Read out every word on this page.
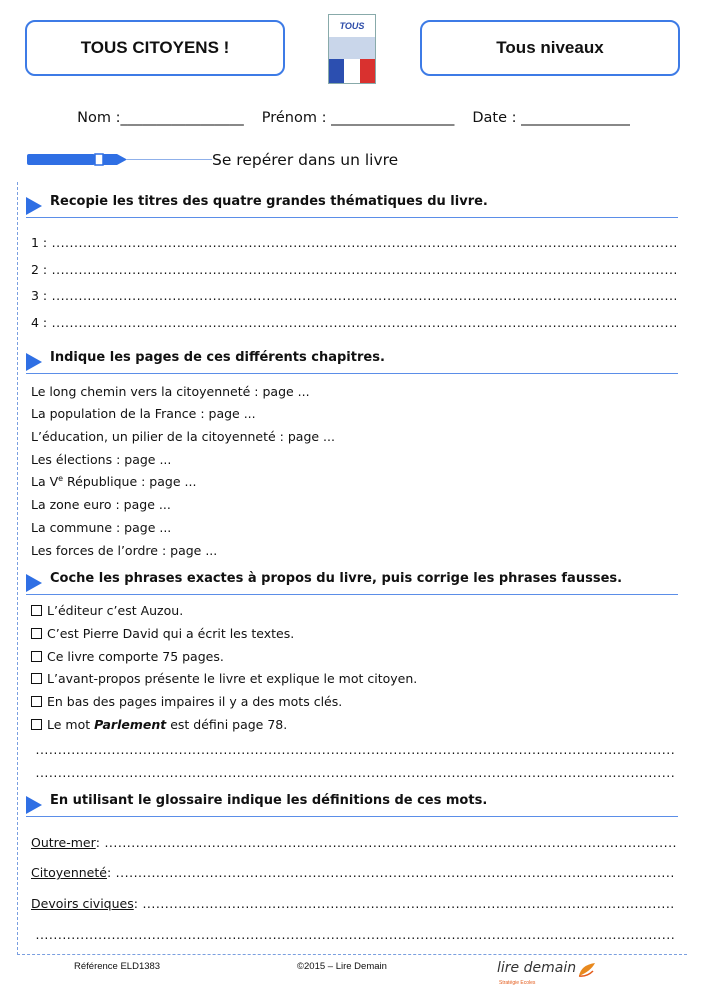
TOUS CITOYENS !	Tous niveaux
TOUS
Nom :_________________ Prénom : _________________ Date : _______________
Se repérer dans un livre
Recopie les titres des quatre grandes thématiques du livre.
1 :
.....
2 :
.....
3 :
.....
4 :
.....
Indique les pages de ces différents chapitres.
Le long chemin vers la citoyenneté : page ...
La population de la France : page ...
L’éducation, un pilier de la citoyenneté : page ...
Les élections : page ...
La Ve République : page ...
La zone euro : page ...
La commune : page ...
Les forces de l’ordre : page ...
Coche les phrases exactes à propos du livre, puis corrige les phrases fausses.
L’éditeur c’est Auzou.
C’est Pierre David qui a écrit les textes.
Ce livre comporte 75 pages.
L’avant-propos présente le livre et explique le mot citoyen.
En bas des pages impaires il y a des mots clés.
Le mot Parlement est défini page 78.
.....
.....
En utilisant le glossaire indique les définitions de ces mots.
Outre-mer :
.....
Citoyenneté :
.....
Devoirs civiques :
.....
.....
Référence ELD1383	©2015 – Lire Demain	lire demain
Stratégie Ecoles
